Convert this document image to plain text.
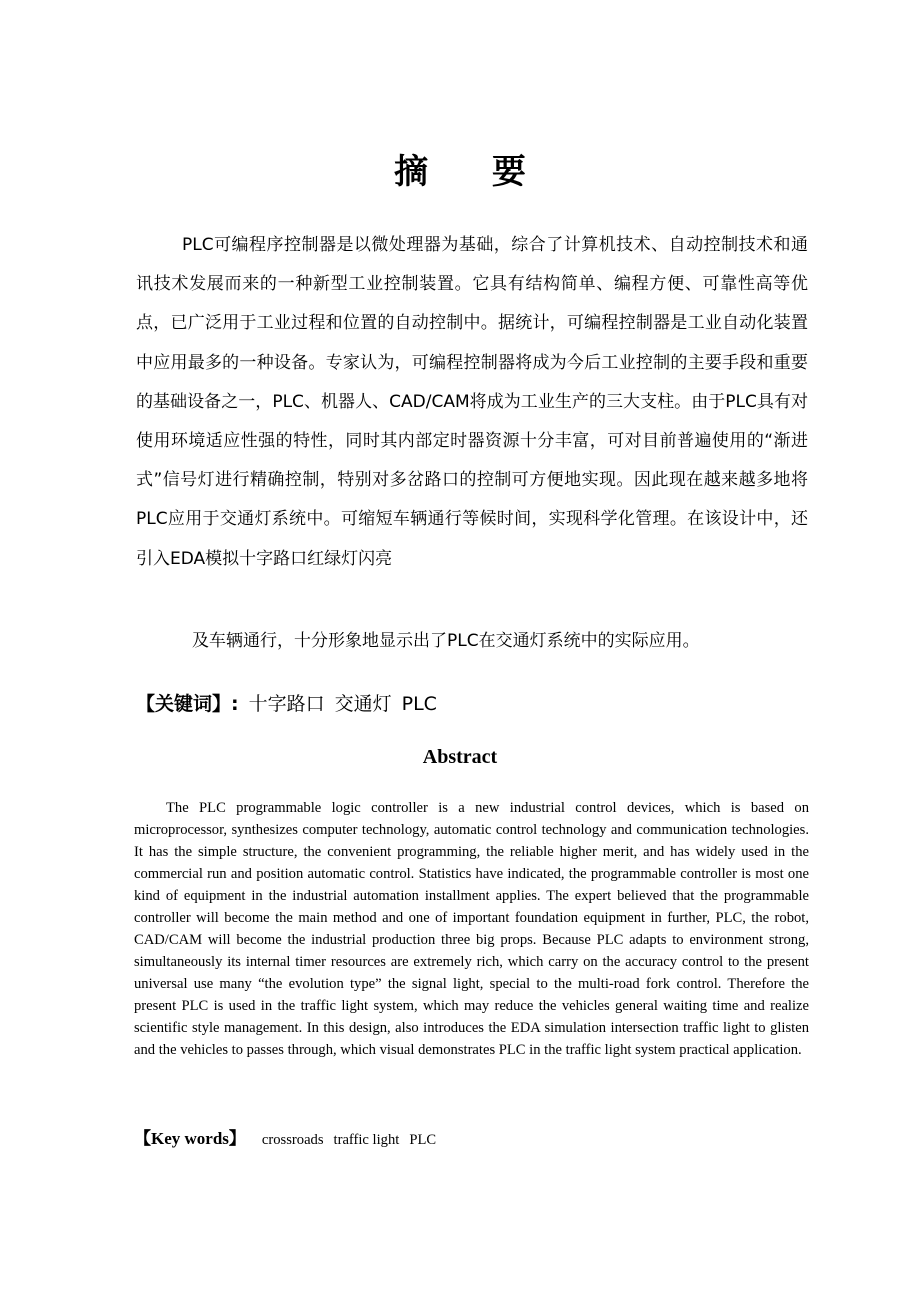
摘 要

PLC可编程序控制器是以微处理器为基础，综合了计算机技术、自动控制技术和通讯技术发展而来的一种新型工业控制装置。它具有结构简单、编程方便、可靠性高等优点，已广泛用于工业过程和位置的自动控制中。据统计，可编程控制器是工业自动化装置中应用最多的一种设备。专家认为，可编程控制器将成为今后工业控制的主要手段和重要的基础设备之一，PLC、机器人、CAD/CAM将成为工业生产的三大支柱。由于PLC具有对使用环境适应性强的特性，同时其内部定时器资源十分丰富，可对目前普遍使用的“渐进式”信号灯进行精确控制，特别对多岔路口的控制可方便地实现。因此现在越来越多地将PLC应用于交通灯系统中。可缩短车辆通行等候时间，实现科学化管理。在该设计中，还引入EDA模拟十字路口红绿灯闪亮

及车辆通行，十分形象地显示出了PLC在交通灯系统中的实际应用。

【关键词】: 十字路口 交通灯 PLC
Abstract

The PLC programmable logic controller is a new industrial control devices, which is based on microprocessor, synthesizes computer technology, automatic control technology and communication technologies. It has the simple structure, the convenient programming, the reliable higher merit, and has widely used in the commercial run and position automatic control. Statistics have indicated, the programmable controller is most one kind of equipment in the industrial automation installment applies. The expert believed that the programmable controller will become the main method and one of important foundation equipment in further, PLC, the robot, CAD/CAM will become the industrial production three big props. Because PLC adapts to environment strong, simultaneously its internal timer resources are extremely rich, which carry on the accuracy control to the present universal use many “the evolution type” the signal light, special to the multi-road fork control. Therefore the present PLC is used in the traffic light system, which may reduce the vehicles general waiting time and realize scientific style management. In this design, also introduces the EDA simulation intersection traffic light to glisten and the vehicles to passes through, which visual demonstrates PLC in the traffic light system practical application.

【Key words】 crossroads traffic light PLC
